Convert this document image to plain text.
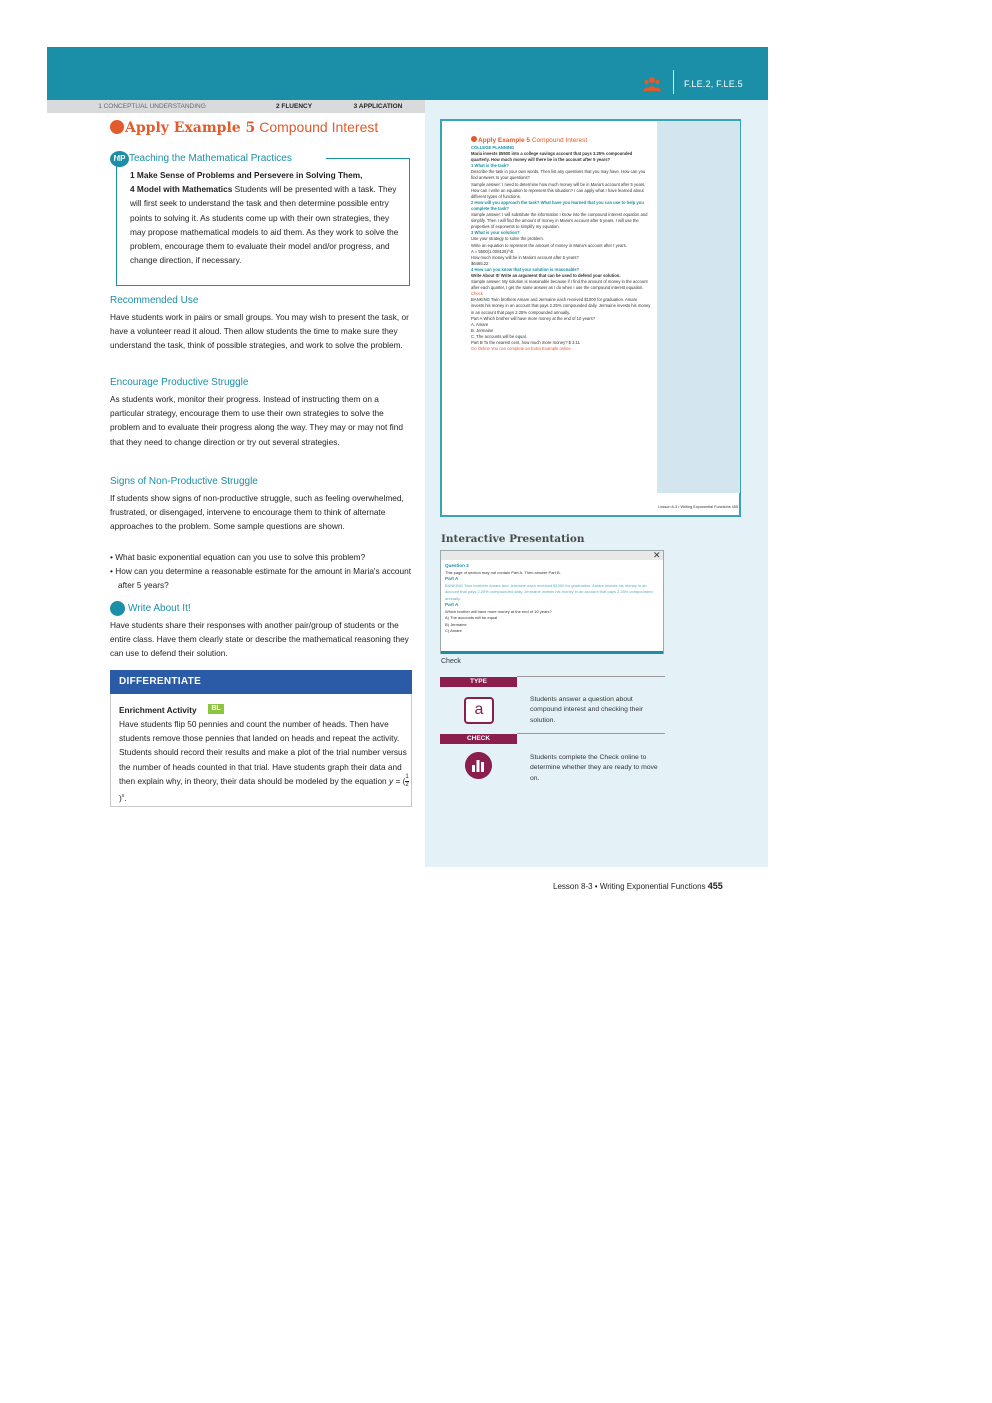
F.LE.2, F.LE.5
1 CONCEPTUAL UNDERSTANDING	2 FLUENCY	3 APPLICATION
Apply Example 5 Compound Interest
MP Teaching the Mathematical Practices
1 Make Sense of Problems and Persevere in Solving Them,
4 Model with Mathematics Students will be presented with a task. They will first seek to understand the task and then determine possible entry points to solving it. As students come up with their own strategies, they may propose mathematical models to aid them. As they work to solve the problem, encourage them to evaluate their model and/or progress, and change direction, if necessary.
Recommended Use
Have students work in pairs or small groups. You may wish to present the task, or have a volunteer read it aloud. Then allow students the time to make sure they understand the task, think of possible strategies, and work to solve the problem.
Encourage Productive Struggle
As students work, monitor their progress. Instead of instructing them on a particular strategy, encourage them to use their own strategies to solve the problem and to evaluate their progress along the way. They may or may not find that they need to change direction or try out several strategies.
Signs of Non-Productive Struggle
If students show signs of non-productive struggle, such as feeling overwhelmed, frustrated, or disengaged, intervene to encourage them to think of alternate approaches to the problem. Some sample questions are shown.
• What basic exponential equation can you use to solve this problem?
• How can you determine a reasonable estimate for the amount in Maria's account after 5 years?
Write About It!
Have students share their responses with another pair/group of students or the entire class. Have them clearly state or describe the mathematical reasoning they can use to defend their solution.
DIFFERENTIATE
Enrichment Activity	BL
Have students flip 50 pennies and count the number of heads. Then have students remove those pennies that landed on heads and repeat the activity. Students should record their results and make a plot of the trial number versus the number of heads counted in that trial. Have students graph their data and then explain why, in theory, their data should be modeled by the equation y = ( $\frac{1}{2}$
)$^x$.
Apply Example 5 Compound Interest
COLLEGE PLANNING
Maria invests $5500 into a college savings account that pays 3.25% compounded quarterly. How much money will there be in the account after 5 years?
1 What is the task?
Describe the task in your own words. Then list any questions that you may have. How can you find answers to your questions?
Sample answer: I need to determine how much money will be in Maria's account after 5 years. How can I write an equation to represent this situation? I can apply what I have learned about different types of functions.
2 How will you approach the task? What have you learned that you can use to help you complete the task?
Sample answer: I will substitute the information I know into the compound interest equation and simplify. Then I will find the amount of money in Maria's account after 5 years. I will use the properties of exponents to simplify my equation.
3 What is your solution?
Use your strategy to solve the problem.
Write an equation to represent the amount of money in Maria's account after t years.
A = 5500(1.008125)^4t
How much money will be in Maria's account after 5 years?
$6465.22
4 How can you know that your solution is reasonable?
Write About It! Write an argument that can be used to defend your solution.
Sample answer: My solution is reasonable because if I find the amount of money in the account after each quarter, I get the same answer as I do when I use the compound interest equation.
Check
BANKING Twin brothers Amare and Jermaine each received $1000 for graduation. Amare invests his money in an account that pays 2.25% compounded daily. Jermaine invests his money in an account that pays 2.25% compounded annually.
Part A Which brother will have more money at the end of 10 years?
A. Amare
B. Jermaine
C. The accounts will be equal.
Part B To the nearest cent, how much more money? $ 3.11
Go Online You can complete an Extra Example online.
Lesson 8-3 • Writing Exponential Functions 455
Interactive Presentation
✕
Question 3
This page of section may not contain Part A. Then answer Part B.
Part A
BANKING Twin brothers Amare and Jermaine each received $1000 for graduation. Amare invests his money in an account that pays 2.25% compounded daily. Jermaine invests his money in an account that pays 2.25% compounded annually.
Part A
Which brother will have more money at the end of 10 years?
A) The accounts will be equal
B) Jermaine
C) Amare
Check
TYPE
a
Students answer a question about compound interest and checking their solution.
CHECK
Students complete the Check online to determine whether they are ready to move on.
Lesson 8-3 • Writing Exponential Functions 455
